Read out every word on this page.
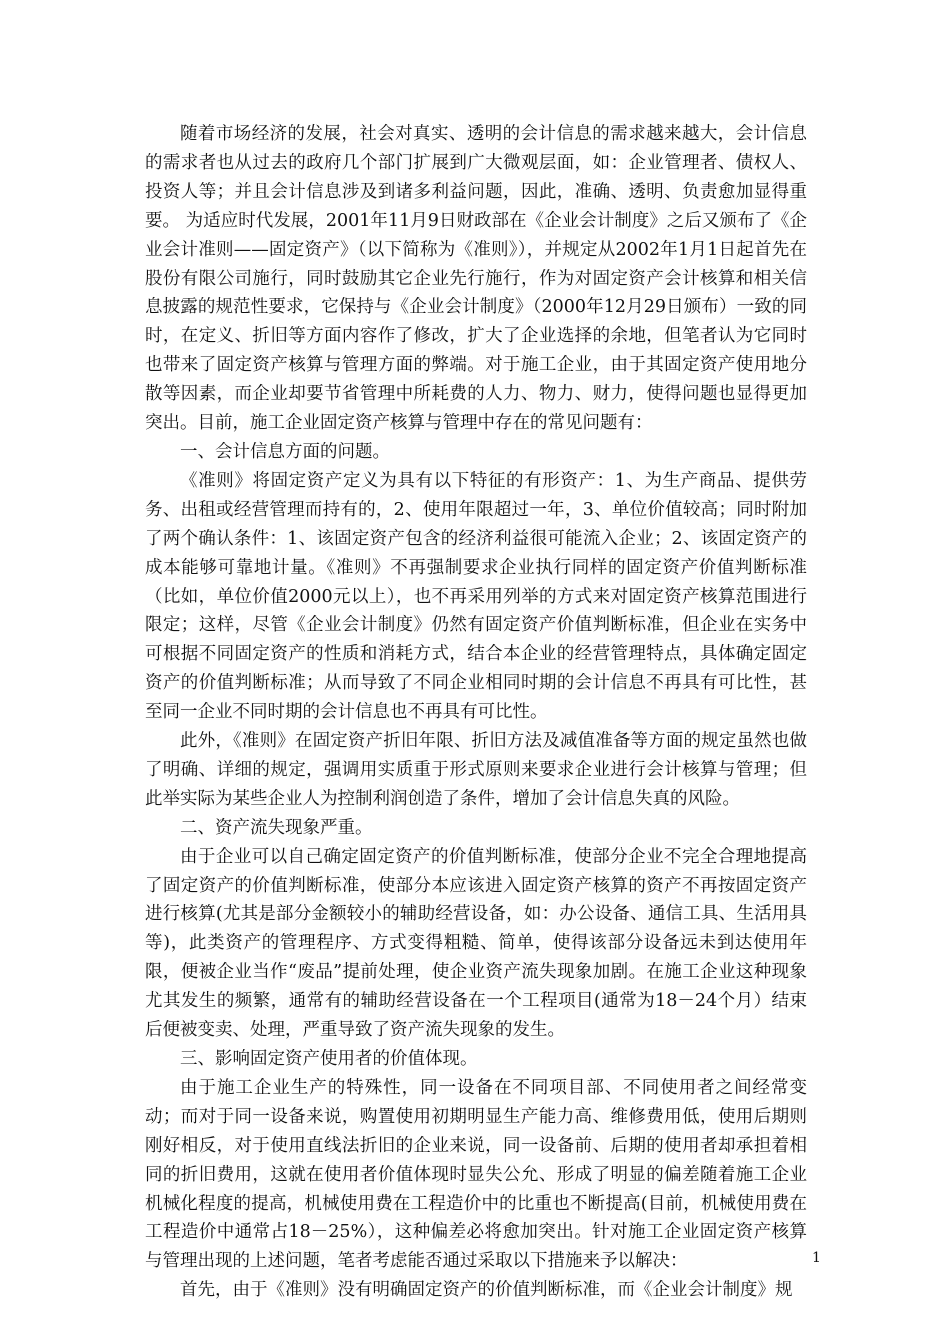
随着市场经济的发展，社会对真实、透明的会计信息的需求越来越大，会计信息的需求者也从过去的政府几个部门扩展到广大微观层面，如：企业管理者、债权人、投资人等；并且会计信息涉及到诸多利益问题，因此，准确、透明、负责愈加显得重要。 为适应时代发展，2001年11月9日财政部在《企业会计制度》之后又颁布了《企业会计准则——固定资产》（以下简称为《准则》），并规定从2002年1月1日起首先在股份有限公司施行，同时鼓励其它企业先行施行，作为对固定资产会计核算和相关信息披露的规范性要求，它保持与《企业会计制度》（2000年12月29日颁布）一致的同时，在定义、折旧等方面内容作了修改，扩大了企业选择的余地，但笔者认为它同时也带来了固定资产核算与管理方面的弊端。对于施工企业，由于其固定资产使用地分散等因素，而企业却要节省管理中所耗费的人力、物力、财力，使得问题也显得更加突出。目前，施工企业固定资产核算与管理中存在的常见问题有：

一、会计信息方面的问题。

《准则》将固定资产定义为具有以下特征的有形资产：1、为生产商品、提供劳务、出租或经营管理而持有的，2、使用年限超过一年，3、单位价值较高；同时附加了两个确认条件：1、该固定资产包含的经济利益很可能流入企业；2、该固定资产的成本能够可靠地计量。《准则》不再强制要求企业执行同样的固定资产价值判断标准（比如，单位价值2000元以上），也不再采用列举的方式来对固定资产核算范围进行限定；这样，尽管《企业会计制度》仍然有固定资产价值判断标准，但企业在实务中可根据不同固定资产的性质和消耗方式，结合本企业的经营管理特点，具体确定固定资产的价值判断标准；从而导致了不同企业相同时期的会计信息不再具有可比性，甚至同一企业不同时期的会计信息也不再具有可比性。

此外，《准则》在固定资产折旧年限、折旧方法及减值准备等方面的规定虽然也做了明确、详细的规定，强调用实质重于形式原则来要求企业进行会计核算与管理；但此举实际为某些企业人为控制利润创造了条件，增加了会计信息失真的风险。

二、资产流失现象严重。

由于企业可以自己确定固定资产的价值判断标准，使部分企业不完全合理地提高了固定资产的价值判断标准，使部分本应该进入固定资产核算的资产不再按固定资产进行核算(尤其是部分金额较小的辅助经营设备，如：办公设备、通信工具、生活用具等)，此类资产的管理程序、方式变得粗糙、简单，使得该部分设备远未到达使用年限，便被企业当作“废品”提前处理，使企业资产流失现象加剧。在施工企业这种现象尤其发生的频繁，通常有的辅助经营设备在一个工程项目(通常为18－24个月）结束后便被变卖、处理，严重导致了资产流失现象的发生。

三、影响固定资产使用者的价值体现。

由于施工企业生产的特殊性，同一设备在不同项目部、不同使用者之间经常变动；而对于同一设备来说，购置使用初期明显生产能力高、维修费用低，使用后期则刚好相反，对于使用直线法折旧的企业来说，同一设备前、后期的使用者却承担着相同的折旧费用，这就在使用者价值体现时显失公允、形成了明显的偏差随着施工企业机械化程度的提高，机械使用费在工程造价中的比重也不断提高(目前，机械使用费在工程造价中通常占18－25%），这种偏差必将愈加突出。针对施工企业固定资产核算与管理出现的上述问题，笔者考虑能否通过采取以下措施来予以解决：

首先，由于《准则》没有明确固定资产的价值判断标准，而《企业会计制度》规

1
